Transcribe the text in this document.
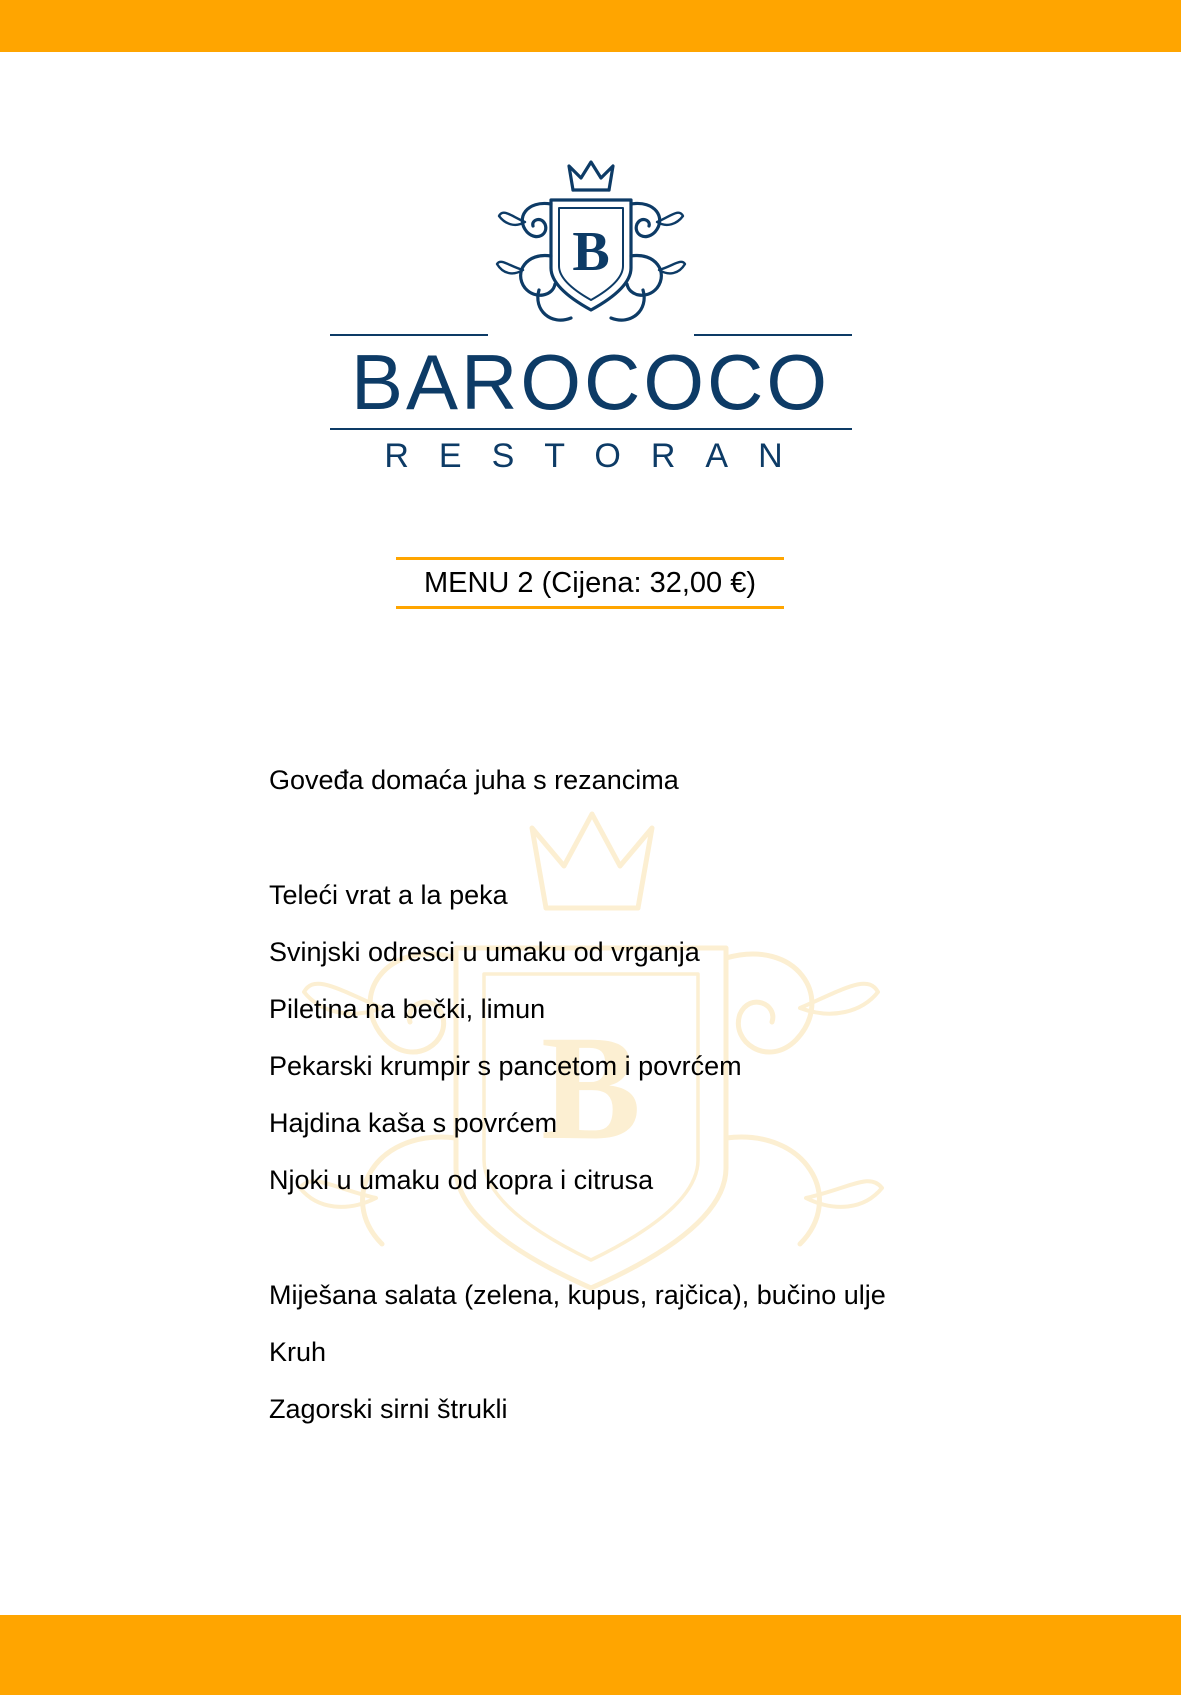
B
BAROCOCO

RESTORAN

MENU 2 (Cijena: 32,00 €)
B
Goveđa domaća juha s rezancima
Teleći vrat a la peka
Svinjski odresci u umaku od vrganja
Piletina na bečki, limun
Pekarski krumpir s pancetom i povrćem
Hajdina kaša s povrćem
Njoki u umaku od kopra i citrusa
Miješana salata (zelena, kupus, rajčica), bučino ulje
Kruh
Zagorski sirni štrukli
